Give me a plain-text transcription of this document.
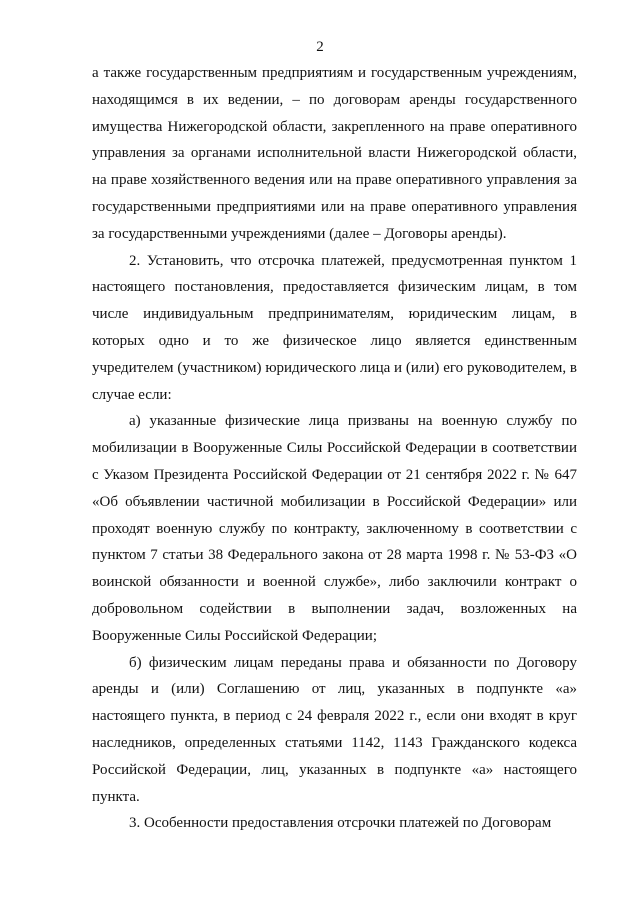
2

а также государственным предприятиям и государственным учреждениям, находящимся в их ведении, – по договорам аренды государственного имущества Нижегородской области, закрепленного на праве оперативного управления за органами исполнительной власти Нижегородской области, на праве хозяйственного ведения или на праве оперативного управления за государственными предприятиями или на праве оперативного управления за государственными учреждениями (далее – Договоры аренды).

2. Установить, что отсрочка платежей, предусмотренная пунктом 1 настоящего постановления, предоставляется физическим лицам, в том числе индивидуальным предпринимателям, юридическим лицам, в которых одно и то же физическое лицо является единственным учредителем (участником) юридического лица и (или) его руководителем, в случае если:

а) указанные физические лица призваны на военную службу по мобилизации в Вооруженные Силы Российской Федерации в соответствии с Указом Президента Российской Федерации от 21 сентября 2022 г. № 647 «Об объявлении частичной мобилизации в Российской Федерации» или проходят военную службу по контракту, заключенному в соответствии с пунктом 7 статьи 38 Федерального закона от 28 марта 1998 г. № 53-ФЗ «О воинской обязанности и военной службе», либо заключили контракт о добровольном содействии в выполнении задач, возложенных на Вооруженные Силы Российской Федерации;

б) физическим лицам переданы права и обязанности по Договору аренды и (или) Соглашению от лиц, указанных в подпункте «а» настоящего пункта, в период с 24 февраля 2022 г., если они входят в круг наследников, определенных статьями 1142, 1143 Гражданского кодекса Российской Федерации, лиц, указанных в подпункте «а» настоящего пункта.

3. Особенности предоставления отсрочки платежей по Договорам
